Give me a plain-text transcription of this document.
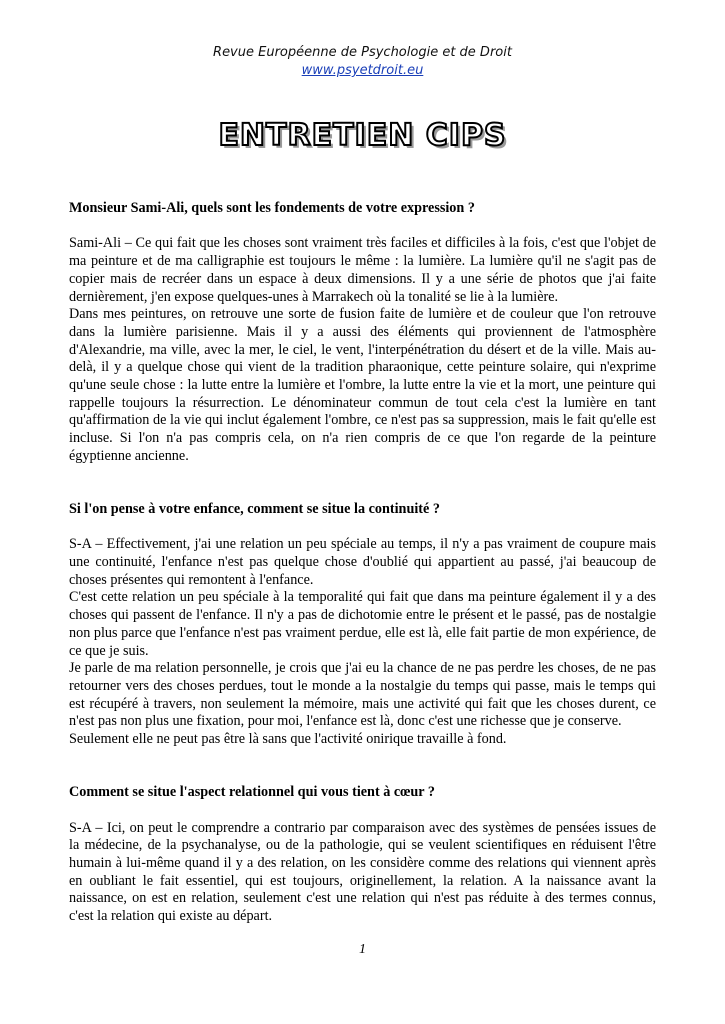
Revue Européenne de Psychologie et de Droit
www.psyetdroit.eu
ENTRETIEN CIPS

Monsieur Sami-Ali, quels sont les fondements de votre expression ?

Sami-Ali – Ce qui fait que les choses sont vraiment très faciles et difficiles à la fois, c'est que l'objet de ma peinture et de ma calligraphie est toujours le même : la lumière. La lumière qu'il ne s'agit pas de copier mais de recréer dans un espace à deux dimensions. Il y a une série de photos que j'ai faite dernièrement, j'en expose quelques-unes à Marrakech où la tonalité se lie à la lumière.

Dans mes peintures, on retrouve une sorte de fusion faite de lumière et de couleur que l'on retrouve dans la lumière parisienne. Mais il y a aussi des éléments qui proviennent de l'atmosphère d'Alexandrie, ma ville, avec la mer, le ciel, le vent, l'interpénétration du désert et de la ville. Mais au-delà, il y a quelque chose qui vient de la tradition pharaonique, cette peinture solaire, qui n'exprime qu'une seule chose : la lutte entre la lumière et l'ombre, la lutte entre la vie et la mort, une peinture qui rappelle toujours la résurrection. Le dénominateur commun de tout cela c'est la lumière en tant qu'affirmation de la vie qui inclut également l'ombre, ce n'est pas sa suppression, mais le fait qu'elle est incluse. Si l'on n'a pas compris cela, on n'a rien compris de ce que l'on regarde de la peinture égyptienne ancienne.

Si l'on pense à votre enfance, comment se situe la continuité ?

S-A – Effectivement, j'ai une relation un peu spéciale au temps, il n'y a pas vraiment de coupure mais une continuité, l'enfance n'est pas quelque chose d'oublié qui appartient au passé, j'ai beaucoup de choses présentes qui remontent à l'enfance.

C'est cette relation un peu spéciale à la temporalité qui fait que dans ma peinture également il y a des choses qui passent de l'enfance. Il n'y a pas de dichotomie entre le présent et le passé, pas de nostalgie non plus parce que l'enfance n'est pas vraiment perdue, elle est là, elle fait partie de mon expérience, de ce que je suis.

Je parle de ma relation personnelle, je crois que j'ai eu la chance de ne pas perdre les choses, de ne pas retourner vers des choses perdues, tout le monde a la nostalgie du temps qui passe, mais le temps qui est récupéré à travers, non seulement la mémoire, mais une activité qui fait que les choses durent, ce n'est pas non plus une fixation, pour moi, l'enfance est là, donc c'est une richesse que je conserve.

Seulement elle ne peut pas être là sans que l'activité onirique travaille à fond.

Comment se situe l'aspect relationnel qui vous tient à cœur ?

S-A – Ici, on peut le comprendre a contrario par comparaison avec des systèmes de pensées issues de la médecine, de la psychanalyse, ou de la pathologie, qui se veulent scientifiques en réduisent l'être humain à lui-même quand il y a des relation, on les considère comme des relations qui viennent après en oubliant le fait essentiel, qui est toujours, originellement, la relation. A la naissance avant la naissance, on est en relation, seulement c'est une relation qui n'est pas réduite à des termes connus, c'est la relation qui existe au départ.

1
